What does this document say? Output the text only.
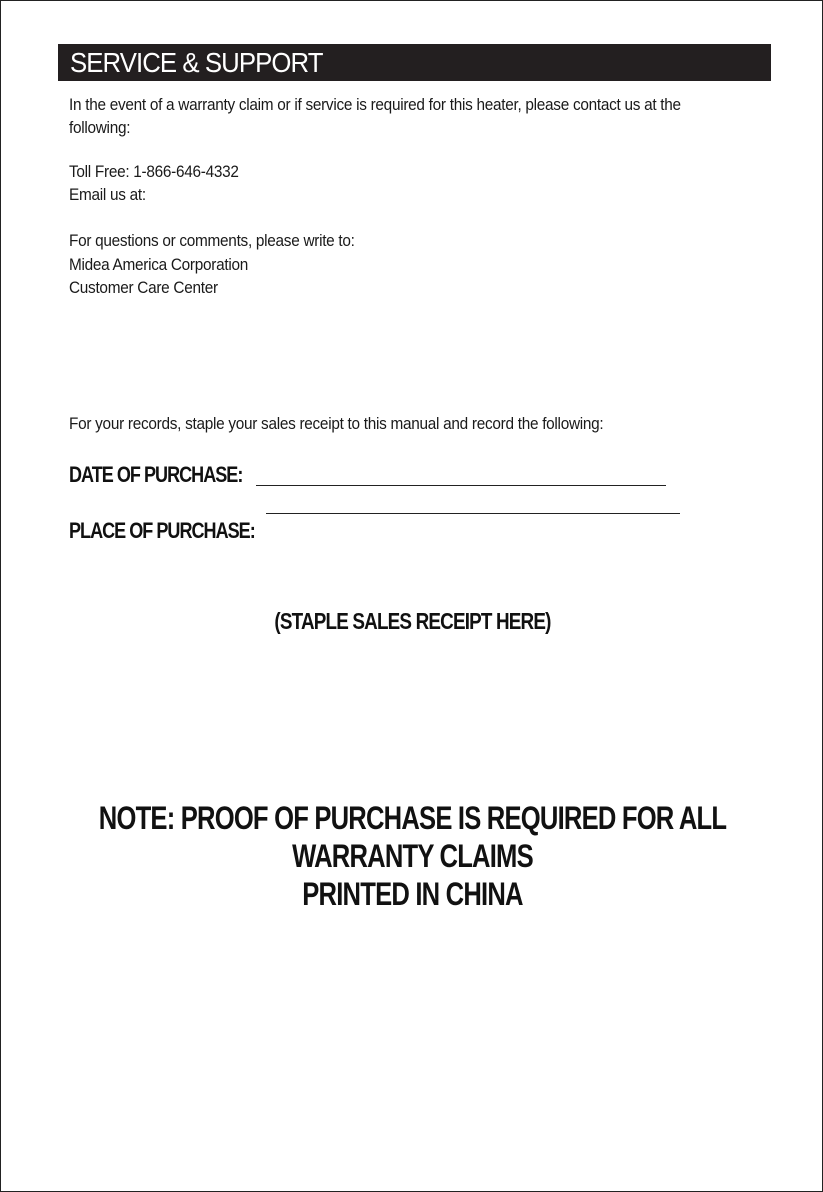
SERVICE & SUPPORT
In the event of a warranty claim or if service is required for this heater, please contact us at the
following:
Toll Free: 1-866-646-4332
Email us at:
For questions or comments, please write to:
Midea America Corporation
Customer Care Center
For your records, staple your sales receipt to this manual and record the following:
DATE OF PURCHASE:
PLACE OF PURCHASE:
(STAPLE SALES RECEIPT HERE)
NOTE: PROOF OF PURCHASE IS REQUIRED FOR ALL
WARRANTY CLAIMS
PRINTED IN CHINA
